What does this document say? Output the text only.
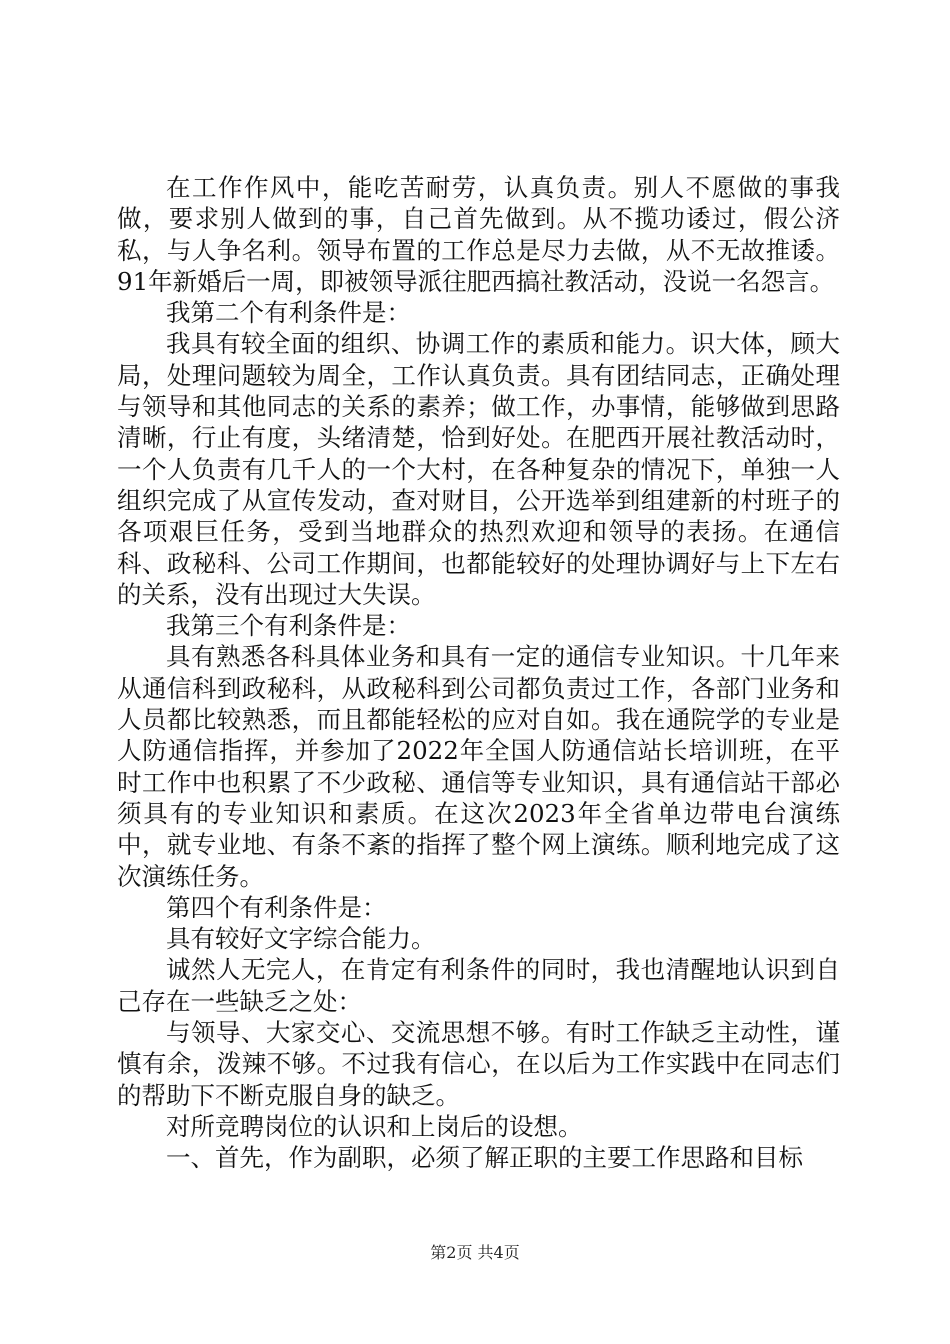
在工作作风中，能吃苦耐劳，认真负责。别人不愿做的事我做，要求别人做到的事，自己首先做到。从不揽功诿过，假公济私，与人争名利。领导布置的工作总是尽力去做，从不无故推诿。91年新婚后一周，即被领导派往肥西搞社教活动，没说一名怨言。

我第二个有利条件是：

我具有较全面的组织、协调工作的素质和能力。识大体，顾大局，处理问题较为周全，工作认真负责。具有团结同志，正确处理与领导和其他同志的关系的素养；做工作，办事情，能够做到思路清晰，行止有度，头绪清楚，恰到好处。在肥西开展社教活动时，一个人负责有几千人的一个大村，在各种复杂的情况下，单独一人组织完成了从宣传发动，查对财目，公开选举到组建新的村班子的各项艰巨任务，受到当地群众的热烈欢迎和领导的表扬。在通信科、政秘科、公司工作期间，也都能较好的处理协调好与上下左右的关系，没有出现过大失误。

我第三个有利条件是：

具有熟悉各科具体业务和具有一定的通信专业知识。十几年来从通信科到政秘科，从政秘科到公司都负责过工作，各部门业务和人员都比较熟悉，而且都能轻松的应对自如。我在通院学的专业是人防通信指挥，并参加了2022年全国人防通信站长培训班，在平时工作中也积累了不少政秘、通信等专业知识，具有通信站干部必须具有的专业知识和素质。在这次2023年全省单边带电台演练中，就专业地、有条不紊的指挥了整个网上演练。顺利地完成了这次演练任务。

第四个有利条件是：

具有较好文字综合能力。

诚然人无完人，在肯定有利条件的同时，我也清醒地认识到自己存在一些缺乏之处：

与领导、大家交心、交流思想不够。有时工作缺乏主动性，谨慎有余，泼辣不够。不过我有信心，在以后为工作实践中在同志们的帮助下不断克服自身的缺乏。

对所竞聘岗位的认识和上岗后的设想。

一、首先，作为副职，必须了解正职的主要工作思路和目标

第2页 共4页
